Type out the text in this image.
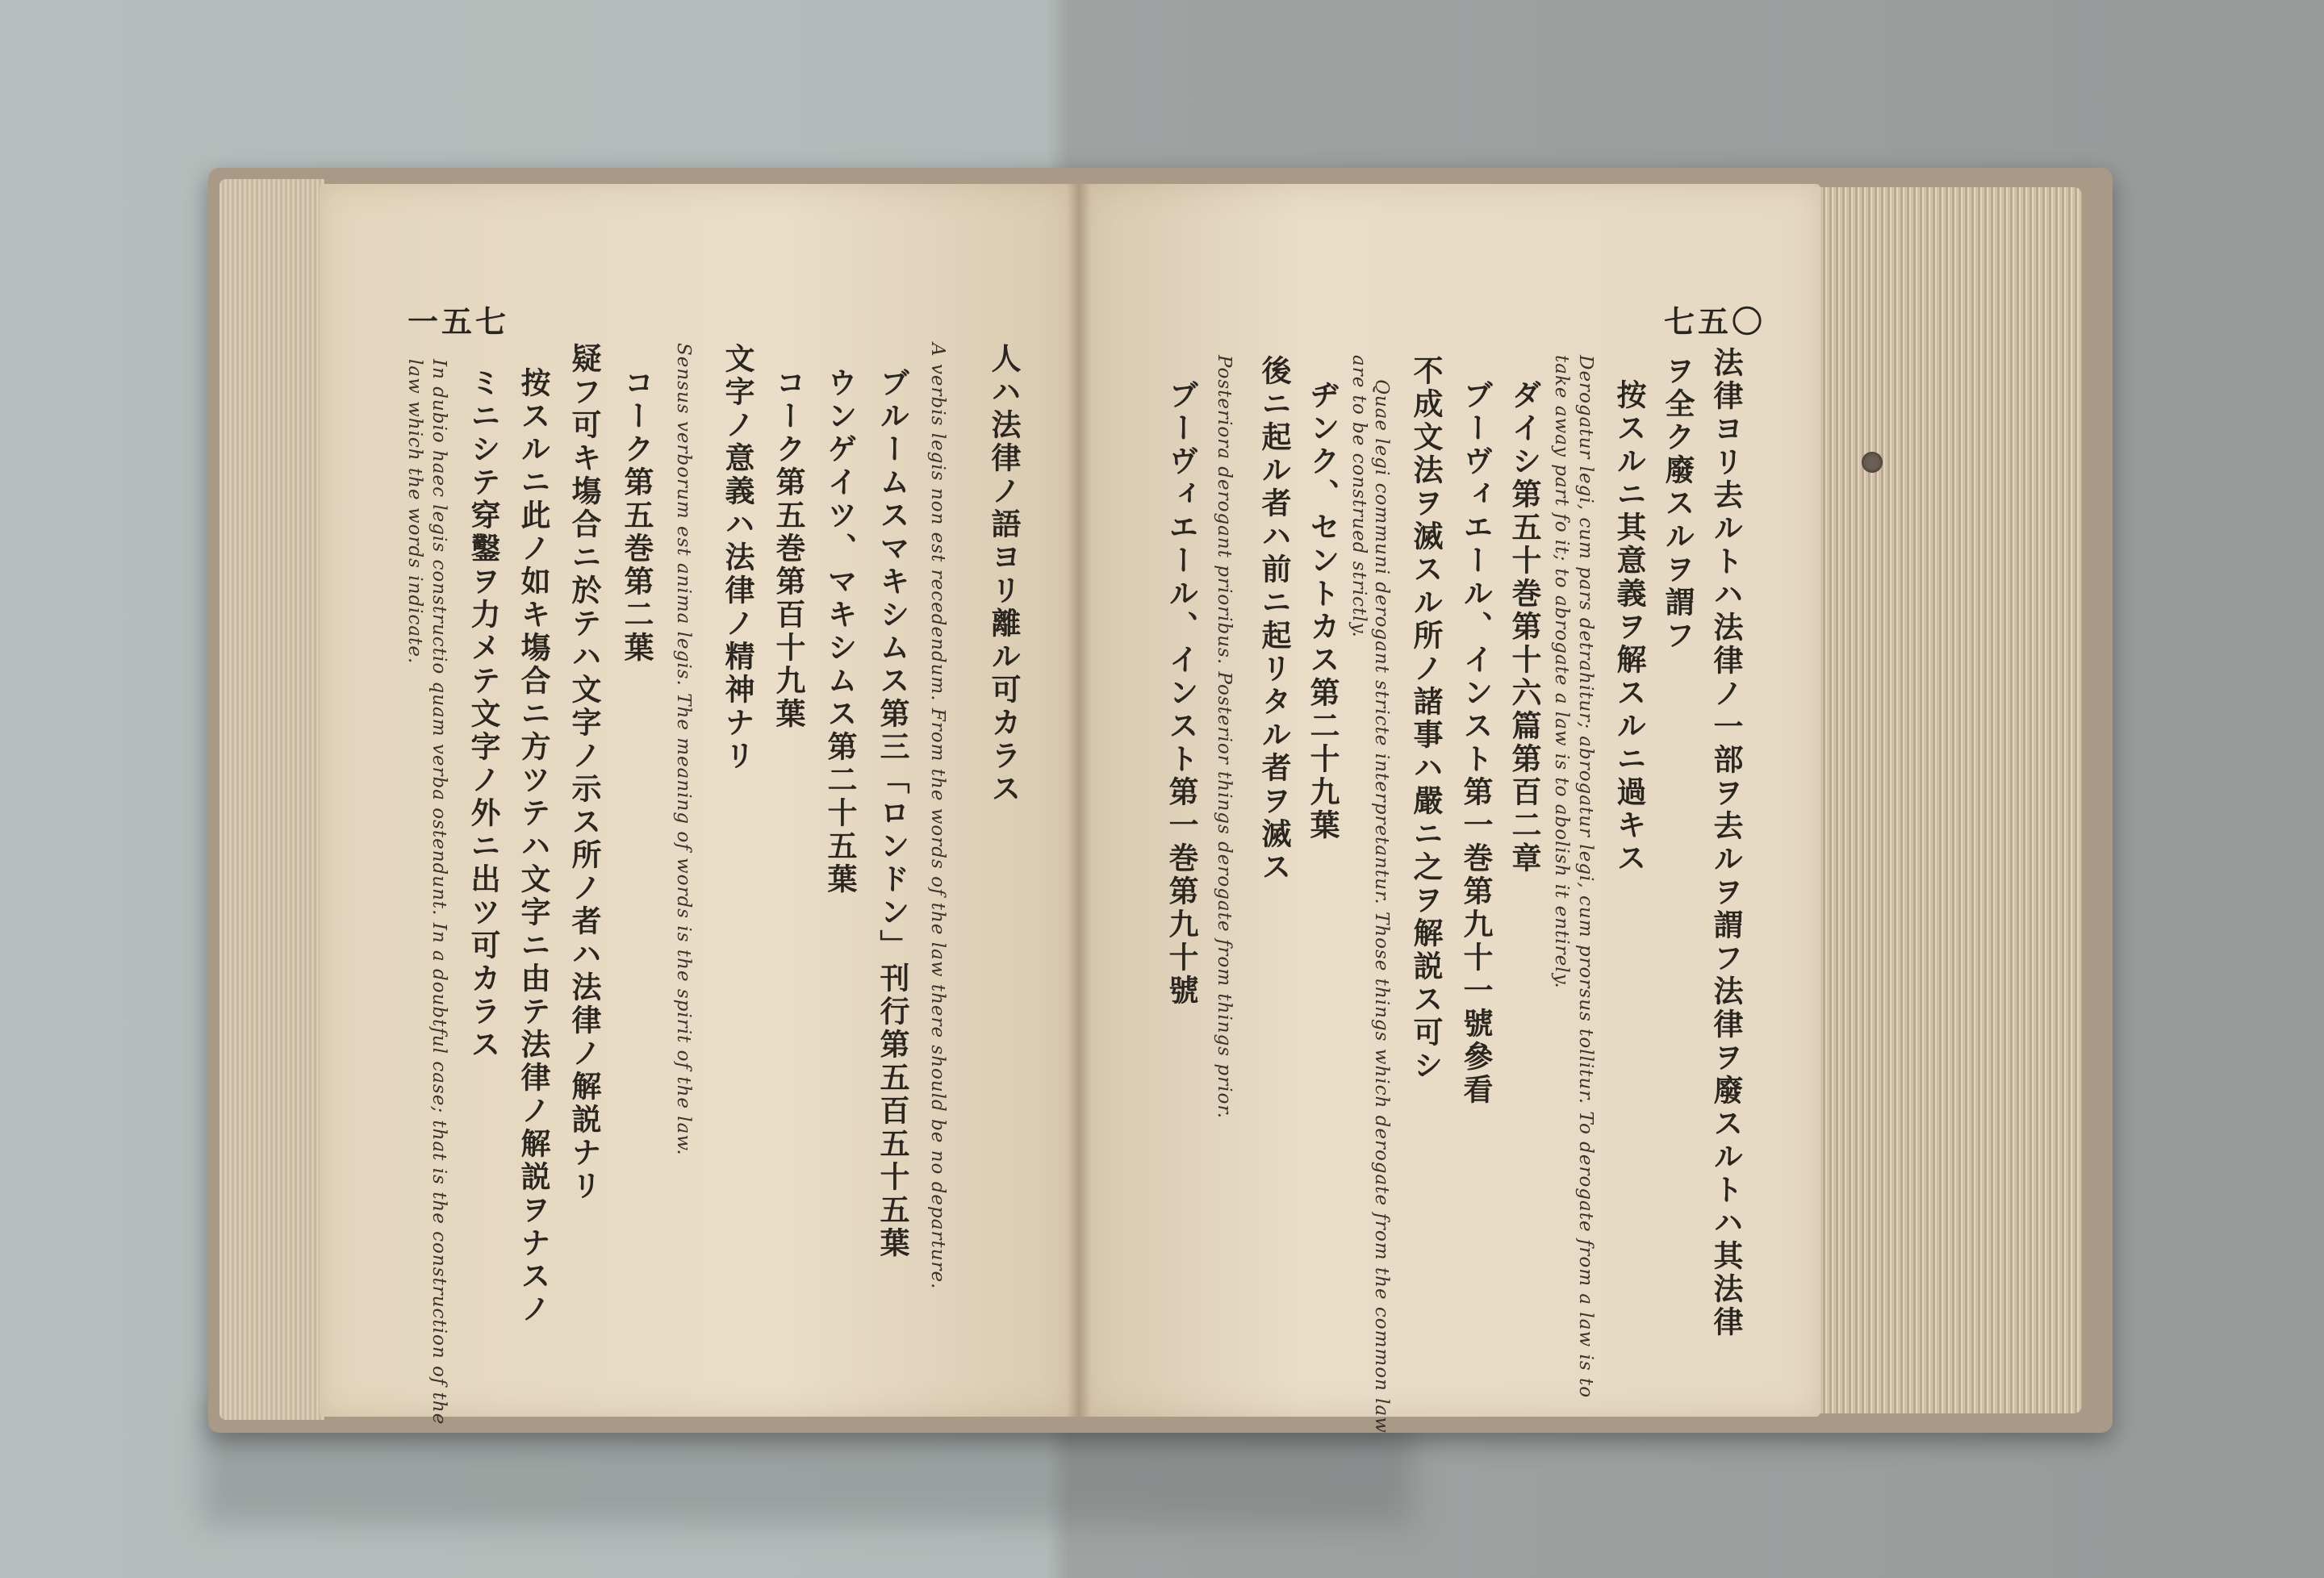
一五七	七五〇
人ハ法律ノ語ヨリ離ル可カラス
A verbis legis non est recedendum. From the words of the law there should be no departure.
ブルームスマキシムス第三「ロンドン」刊行第五百五十五葉
ウンゲイツ、マキシムス第二十五葉
コーク第五巻第百十九葉
文字ノ意義ハ法律ノ精神ナリ
Sensus verborum est anima legis. The meaning of words is the spirit of the law.
コーク第五巻第二葉
疑フ可キ塲合ニ於テハ文字ノ示ス所ノ者ハ法律ノ解説ナリ
按スルニ此ノ如キ塲合ニ方ツテハ文字ニ由テ法律ノ解説ヲナスノ
ミニシテ穿鑿ヲ力メテ文字ノ外ニ出ツ可カラス
In dubio haec legis constructio quam verba ostendunt. In a doubtful case; that is the construction of the
law which the words indicate.	法律ヨリ去ルトハ法律ノ一部ヲ去ルヲ謂フ法律ヲ廢スルトハ其法律
ヲ全ク廢スルヲ謂フ
按スルニ其意義ヲ解スルニ過キス
Derogatur legi, cum pars detrahitur; abrogatur legi, cum prorsus tollitur. To derogate from a law is to
take away part fo it; to abrogate a law is to abolish it entirely.
ダイシ第五十巻第十六篇第百二章
ブーヴィエール、インスト第一巻第九十一號參看
不成文法ヲ滅スル所ノ諸事ハ嚴ニ之ヲ解説ス可シ
Quae legi communi derogant stricte interpretantur. Those things which derogate from the common law
are to be construed strictly.
ヂンク、セントカス第二十九葉
後ニ起ル者ハ前ニ起リタル者ヲ滅ス
Posteriora derogant prioribus. Posterior things derogate from things prior.
ブーヴィエール、インスト第一巻第九十號
